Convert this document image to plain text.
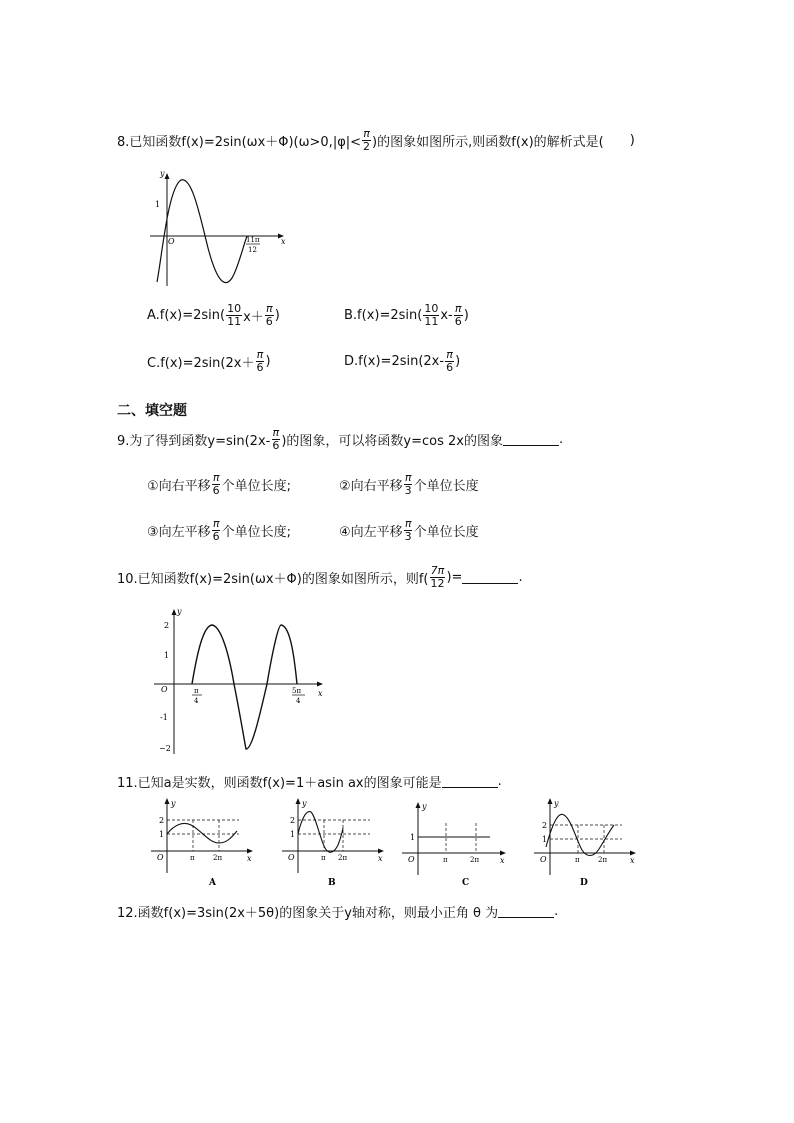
8.已知函数$f(x)=2\sin(\omega x+\Phi)(\omega>0,|\varphi|< \frac{\pi}{2}$ )的图象如图所示,则函数f(x)的解析式是( )
y
x
O
1
11π
12
$A.f(x)=2\sin( \frac{10}{11} x+ \frac{\pi}{6}$ )	$B.f(x)=2\sin( \frac{10}{11} x- \frac{\pi}{6}$ )
$C.f(x)=2\sin(2x+ \frac{\pi}{6}$ )	$D.f(x)=2\sin(2x- \frac{\pi}{6}$ )
二、填空题
9.为了得到函数$y=\sin(2x- \frac{\pi}{6}$ )的图象，可以将函数y=cos 2x的图象	.
①向右平移 $\frac{\pi}{6}$ 个单位长度;	②向右平移 $\frac{\pi}{3}$ 个单位长度
③向左平移 $\frac{\pi}{6}$ 个单位长度;	④向左平移 $\frac{\pi}{3}$ 个单位长度
10.已知函数f(x)=2sin(ωx＋Φ)的图象如图所示，则$f( \frac{7\pi}{12}$ )=	.
y
x
O
2
1
-1
−2
π
4
5π
4
11.已知a是实数，则函数f(x)=1＋asin ax的图象可能是	.
y
x
O
2
1
π	2π
A
y
x
O
2
1
π 2π
B
y
x
O
1
π	2π
C
y
x
O
2
1
π	2π
D
12.函数f(x)=3sin(2x＋5θ)的图象关于y轴对称，则最小正角 θ 为	.
